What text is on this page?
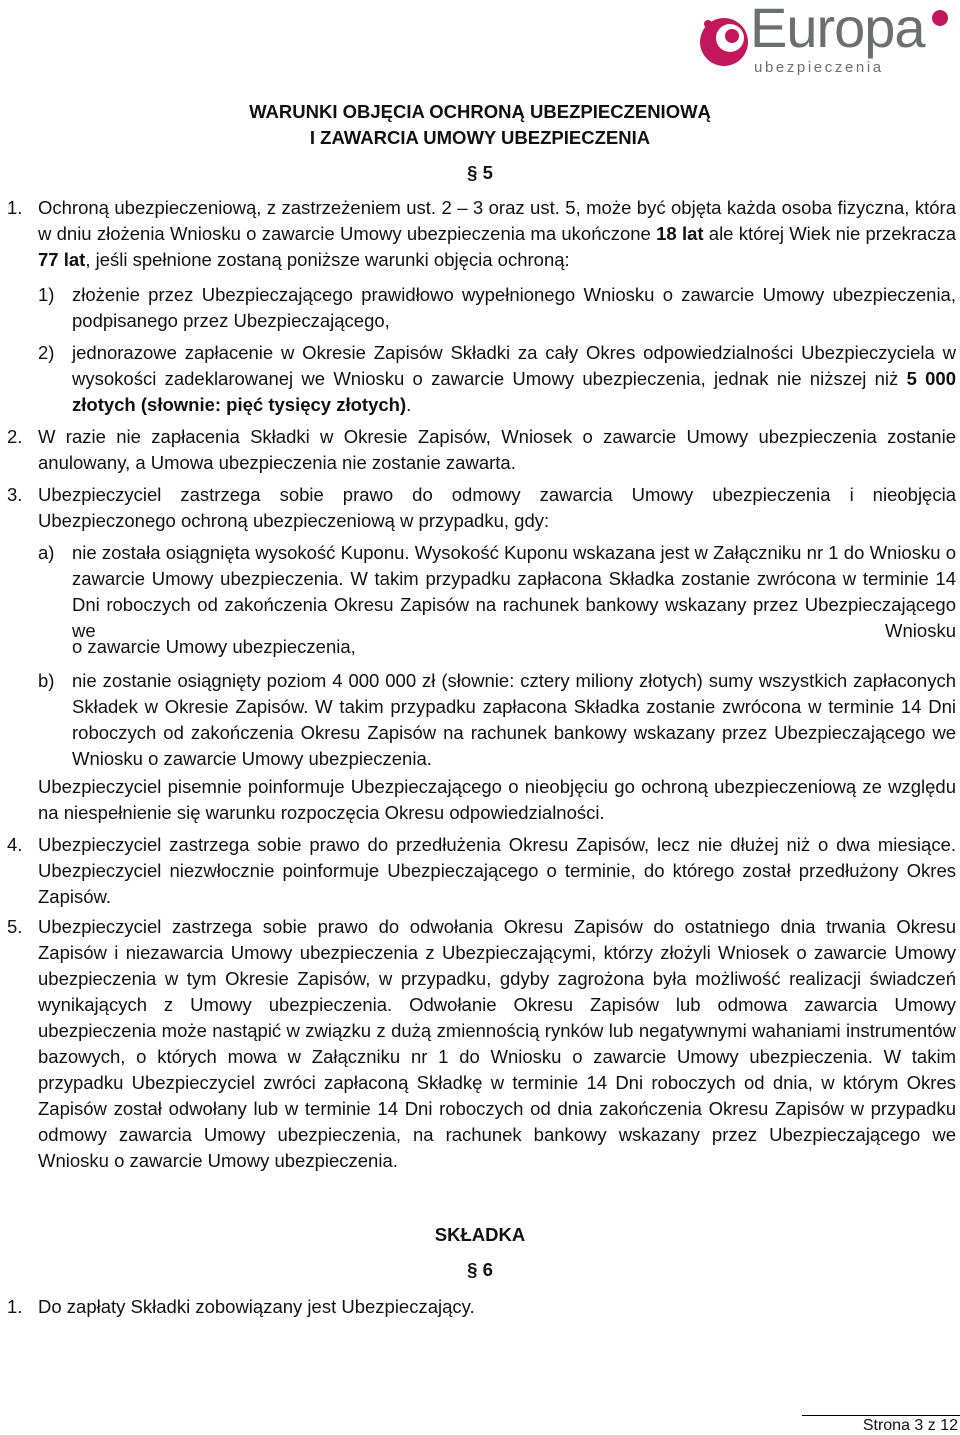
Europa
ubezpieczenia
WARUNKI OBJĘCIA OCHRONĄ UBEZPIECZENIOWĄ
I ZAWARCIA UMOWY UBEZPIECZENIA
§ 5
1. Ochroną ubezpieczeniową, z zastrzeżeniem ust. 2 – 3 oraz ust. 5, może być objęta każda osoba fizyczna, która w dniu złożenia Wniosku o zawarcie Umowy ubezpieczenia ma ukończone 18 lat ale której Wiek nie przekracza 77 lat, jeśli spełnione zostaną poniższe warunki objęcia ochroną:
1) złożenie przez Ubezpieczającego prawidłowo wypełnionego Wniosku o zawarcie Umowy ubezpieczenia, podpisanego przez Ubezpieczającego,
2) jednorazowe zapłacenie w Okresie Zapisów Składki za cały Okres odpowiedzialności Ubezpieczyciela w wysokości zadeklarowanej we Wniosku o zawarcie Umowy ubezpieczenia, jednak nie niższej niż 5 000 złotych (słownie: pięć tysięcy złotych).
2. W razie nie zapłacenia Składki w Okresie Zapisów, Wniosek o zawarcie Umowy ubezpieczenia zostanie anulowany, a Umowa ubezpieczenia nie zostanie zawarta.
3. Ubezpieczyciel zastrzega sobie prawo do odmowy zawarcia Umowy ubezpieczenia i nieobjęcia Ubezpieczonego ochroną ubezpieczeniową w przypadku, gdy:
a) nie została osiągnięta wysokość Kuponu. Wysokość Kuponu wskazana jest w Załączniku nr 1 do Wniosku o zawarcie Umowy ubezpieczenia. W takim przypadku zapłacona Składka zostanie zwrócona w terminie 14 Dni roboczych od zakończenia Okresu Zapisów na rachunek bankowy wskazany przez Ubezpieczającego we Wniosku
o zawarcie Umowy ubezpieczenia,
b) nie zostanie osiągnięty poziom 4 000 000 zł (słownie: cztery miliony złotych) sumy wszystkich zapłaconych Składek w Okresie Zapisów. W takim przypadku zapłacona Składka zostanie zwrócona w terminie 14 Dni roboczych od zakończenia Okresu Zapisów na rachunek bankowy wskazany przez Ubezpieczającego we Wniosku o zawarcie Umowy ubezpieczenia.
Ubezpieczyciel pisemnie poinformuje Ubezpieczającego o nieobjęciu go ochroną ubezpieczeniową ze względu na niespełnienie się warunku rozpoczęcia Okresu odpowiedzialności.
4. Ubezpieczyciel zastrzega sobie prawo do przedłużenia Okresu Zapisów, lecz nie dłużej niż o dwa miesiące. Ubezpieczyciel niezwłocznie poinformuje Ubezpieczającego o terminie, do którego został przedłużony Okres Zapisów.
5. Ubezpieczyciel zastrzega sobie prawo do odwołania Okresu Zapisów do ostatniego dnia trwania Okresu Zapisów i niezawarcia Umowy ubezpieczenia z Ubezpieczającymi, którzy złożyli Wniosek o zawarcie Umowy ubezpieczenia w tym Okresie Zapisów, w przypadku, gdyby zagrożona była możliwość realizacji świadczeń wynikających z Umowy ubezpieczenia. Odwołanie Okresu Zapisów lub odmowa zawarcia Umowy ubezpieczenia może nastąpić w związku z dużą zmiennością rynków lub negatywnymi wahaniami instrumentów bazowych, o których mowa w Załączniku nr 1 do Wniosku o zawarcie Umowy ubezpieczenia. W takim przypadku Ubezpieczyciel zwróci zapłaconą Składkę w terminie 14 Dni roboczych od dnia, w którym Okres Zapisów został odwołany lub w terminie 14 Dni roboczych od dnia zakończenia Okresu Zapisów w przypadku odmowy zawarcia Umowy ubezpieczenia, na rachunek bankowy wskazany przez Ubezpieczającego we Wniosku o zawarcie Umowy ubezpieczenia.
SKŁADKA
§ 6
1. Do zapłaty Składki zobowiązany jest Ubezpieczający.
Strona 3 z 12
